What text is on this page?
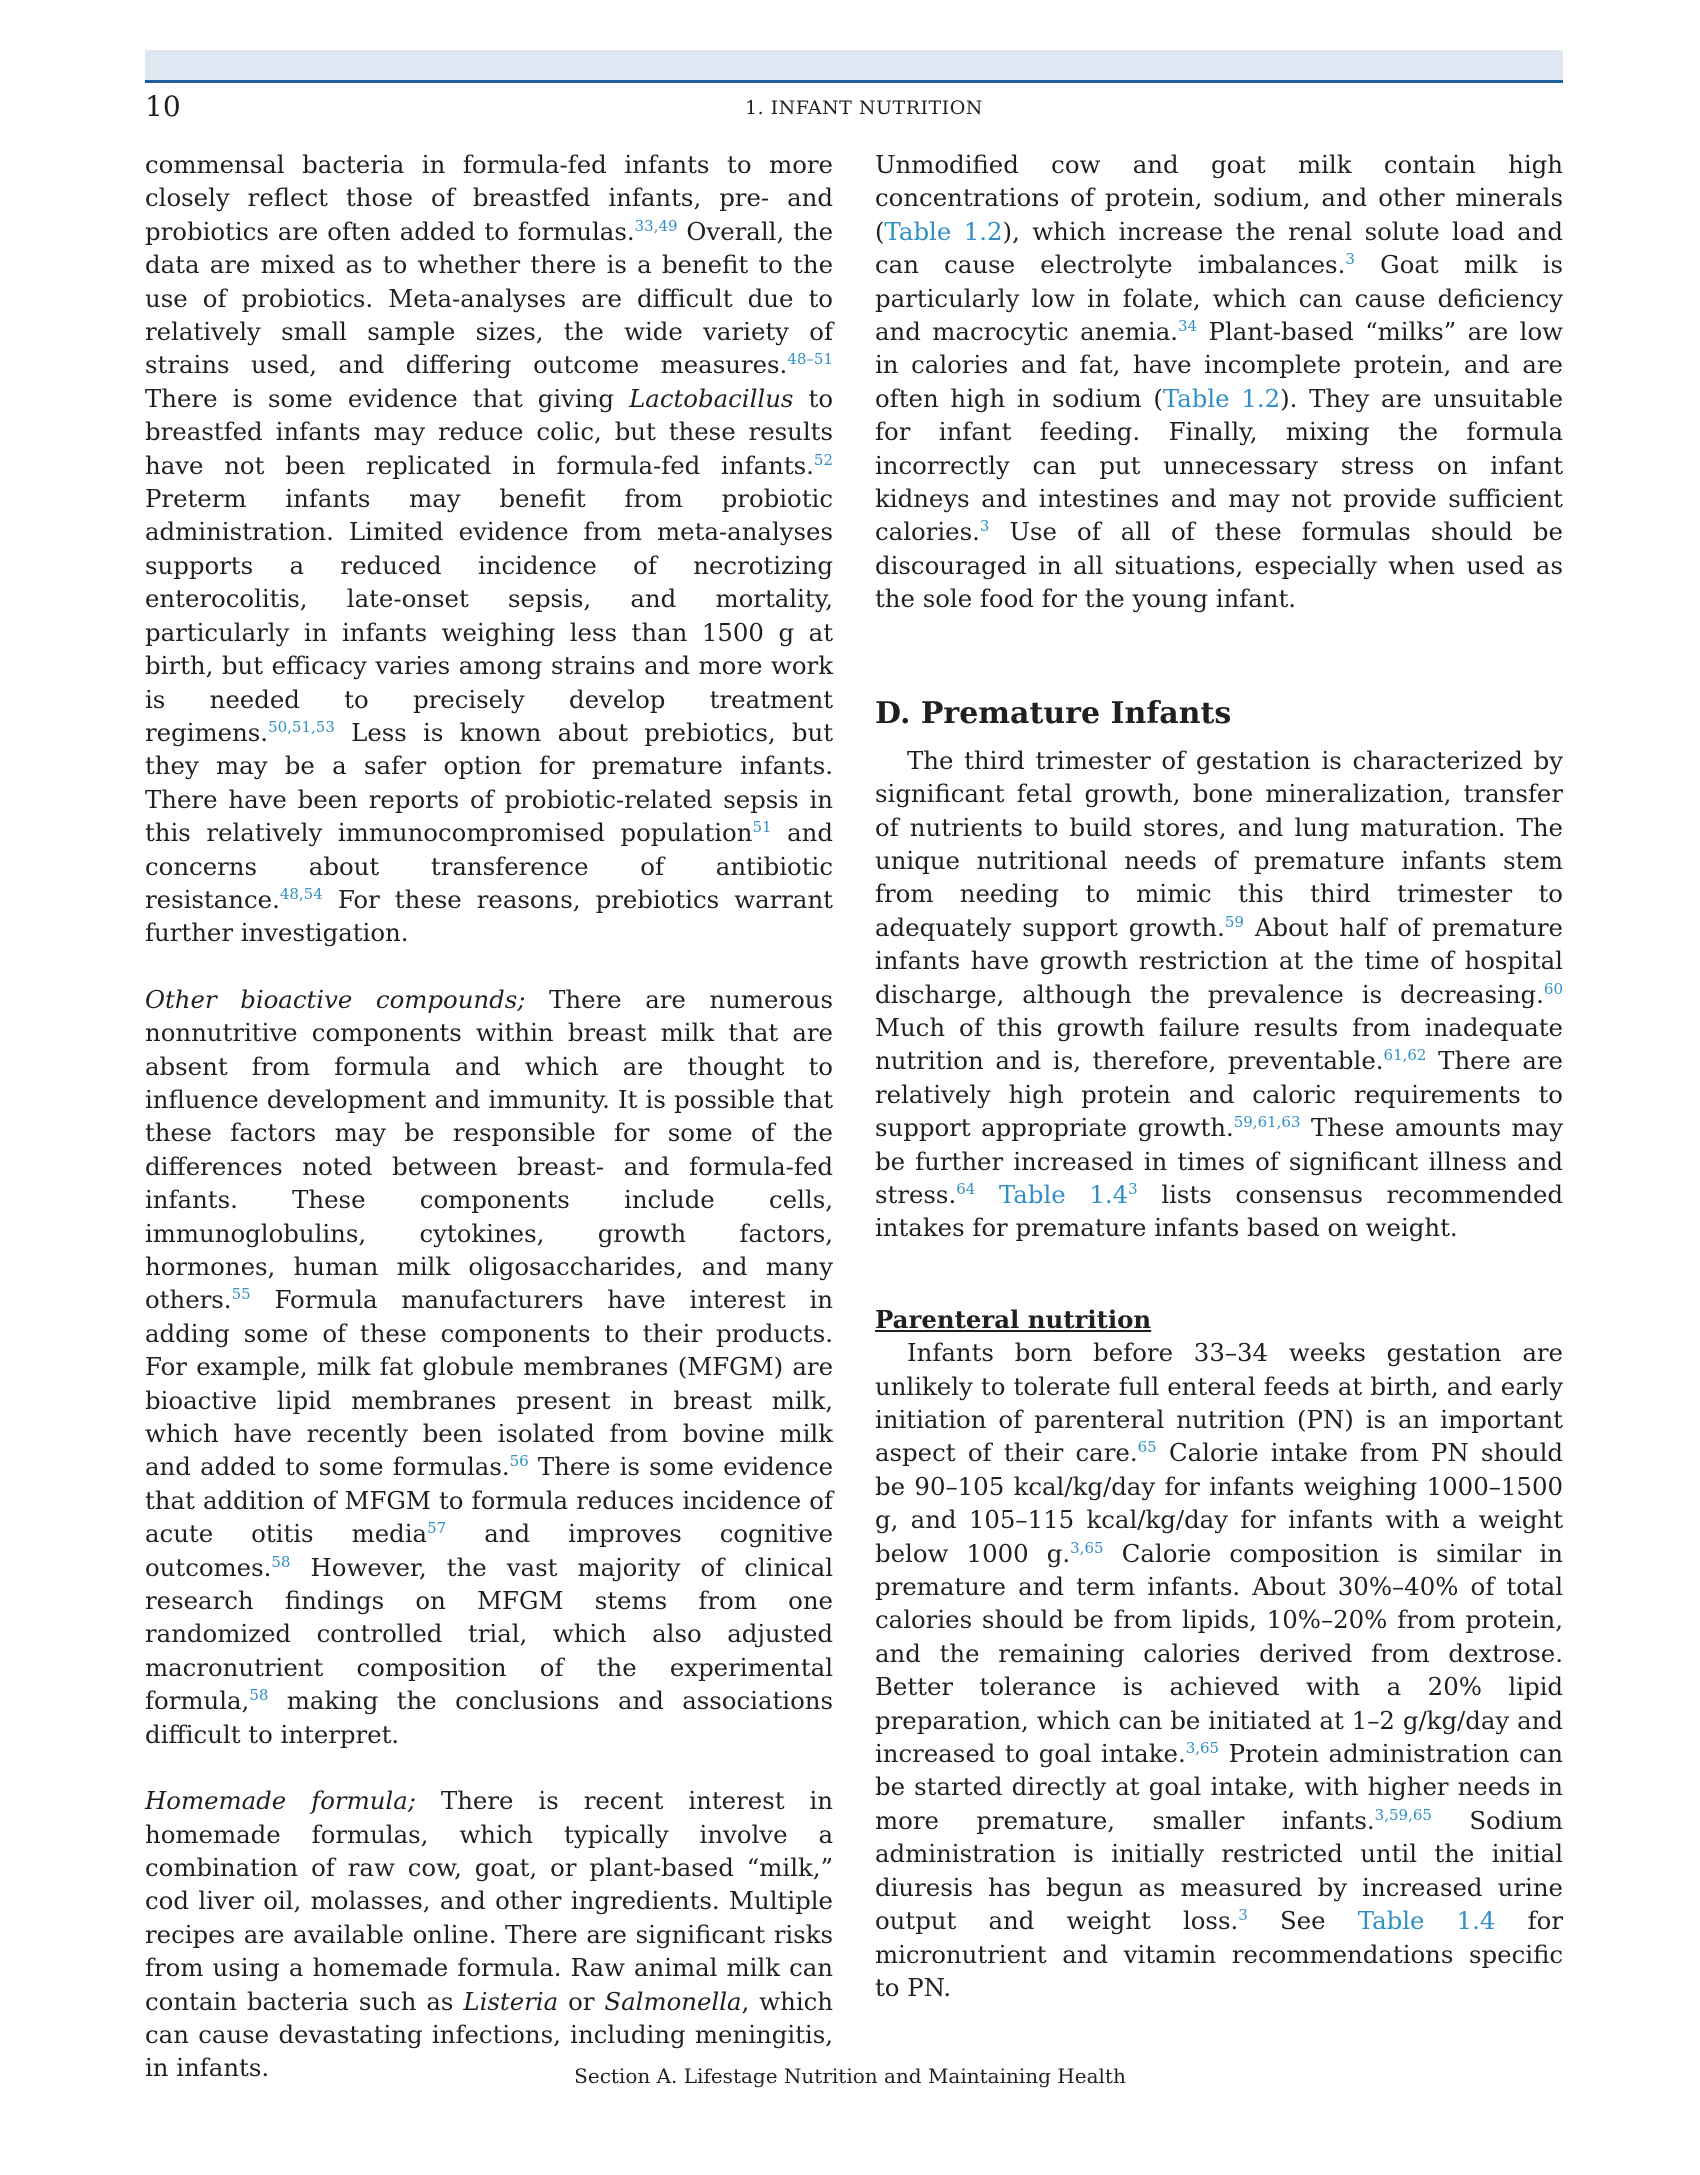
10	1. INFANT NUTRITION

commensal bacteria in formula-fed infants to more closely reflect those of breastfed infants, pre- and probiotics are often added to formulas.$^{33,49}$ Overall, the data are mixed as to whether there is a benefit to the use of probiotics. Meta-analyses are difficult due to relatively small sample sizes, the wide variety of strains used, and differing outcome measures.$^{48-51}$ There is some evidence that giving Lactobacillus to breastfed infants may reduce colic, but these results have not been replicated in formula-fed infants.$^{52}$ Preterm infants may benefit from probiotic administration. Limited evidence from meta-analyses supports a reduced incidence of necrotizing enterocolitis, late-onset sepsis, and mortality, particularly in infants weighing less than 1500 g at birth, but efficacy varies among strains and more work is needed to precisely develop treatment regimens.$^{50,51,53}$ Less is known about prebiotics, but they may be a safer option for premature infants. There have been reports of probiotic-related sepsis in this relatively immunocompromised population$^{51}$ and concerns about transference of antibiotic resistance.$^{48,54}$ For these reasons, prebiotics warrant further investigation.

Other bioactive compounds; There are numerous nonnutritive components within breast milk that are absent from formula and which are thought to influence development and immunity. It is possible that these factors may be responsible for some of the differences noted between breast- and formula-fed infants. These components include cells, immunoglobulins, cytokines, growth factors, hormones, human milk oligosaccharides, and many others.$^{55}$ Formula manufacturers have interest in adding some of these components to their products. For example, milk fat globule membranes (MFGM) are bioactive lipid membranes present in breast milk, which have recently been isolated from bovine milk and added to some formulas.$^{56}$ There is some evidence that addition of MFGM to formula reduces incidence of acute otitis media$^{57}$ and improves cognitive outcomes.$^{58}$ However, the vast majority of clinical research findings on MFGM stems from one randomized controlled trial, which also adjusted macronutrient composition of the experimental formula,$^{58}$ making the conclusions and associations difficult to interpret.

Homemade formula; There is recent interest in homemade formulas, which typically involve a combination of raw cow, goat, or plant-based “milk,” cod liver oil, molasses, and other ingredients. Multiple recipes are available online. There are significant risks from using a homemade formula. Raw animal milk can contain bacteria such as Listeria or Salmonella, which can cause devastating infections, including meningitis, in infants.

Unmodified cow and goat milk contain high concentrations of protein, sodium, and other minerals (Table 1.2), which increase the renal solute load and can cause electrolyte imbalances.$^3$ Goat milk is particularly low in folate, which can cause deficiency and macrocytic anemia.$^{34}$ Plant-based “milks” are low in calories and fat, have incomplete protein, and are often high in sodium (Table 1.2). They are unsuitable for infant feeding. Finally, mixing the formula incorrectly can put unnecessary stress on infant kidneys and intestines and may not provide sufficient calories.$^3$ Use of all of these formulas should be discouraged in all situations, especially when used as the sole food for the young infant.

D. Premature Infants

The third trimester of gestation is characterized by significant fetal growth, bone mineralization, transfer of nutrients to build stores, and lung maturation. The unique nutritional needs of premature infants stem from needing to mimic this third trimester to adequately support growth.$^{59}$ About half of premature infants have growth restriction at the time of hospital discharge, although the prevalence is decreasing.$^{60}$ Much of this growth failure results from inadequate nutrition and is, therefore, preventable.$^{61,62}$ There are relatively high protein and caloric requirements to support appropriate growth.$^{59,61,63}$ These amounts may be further increased in times of significant illness and stress.$^{64}$ Table 1.4$^3$ lists consensus recommended intakes for premature infants based on weight.

Parenteral nutrition

Infants born before 33–34 weeks gestation are unlikely to tolerate full enteral feeds at birth, and early initiation of parenteral nutrition (PN) is an important aspect of their care.$^{65}$ Calorie intake from PN should be 90–105 kcal/kg/day for infants weighing 1000–1500 g, and 105–115 kcal/kg/day for infants with a weight below 1000 g.$^{3,65}$ Calorie composition is similar in premature and term infants. About 30%–40% of total calories should be from lipids, 10%–20% from protein, and the remaining calories derived from dextrose. Better tolerance is achieved with a 20% lipid preparation, which can be initiated at 1–2 g/kg/day and increased to goal intake.$^{3,65}$ Protein administration can be started directly at goal intake, with higher needs in more premature, smaller infants.$^{3,59,65}$ Sodium administration is initially restricted until the initial diuresis has begun as measured by increased urine output and weight loss.$^3$ See Table 1.4 for micronutrient and vitamin recommendations specific to PN.

Section A. Lifestage Nutrition and Maintaining Health
